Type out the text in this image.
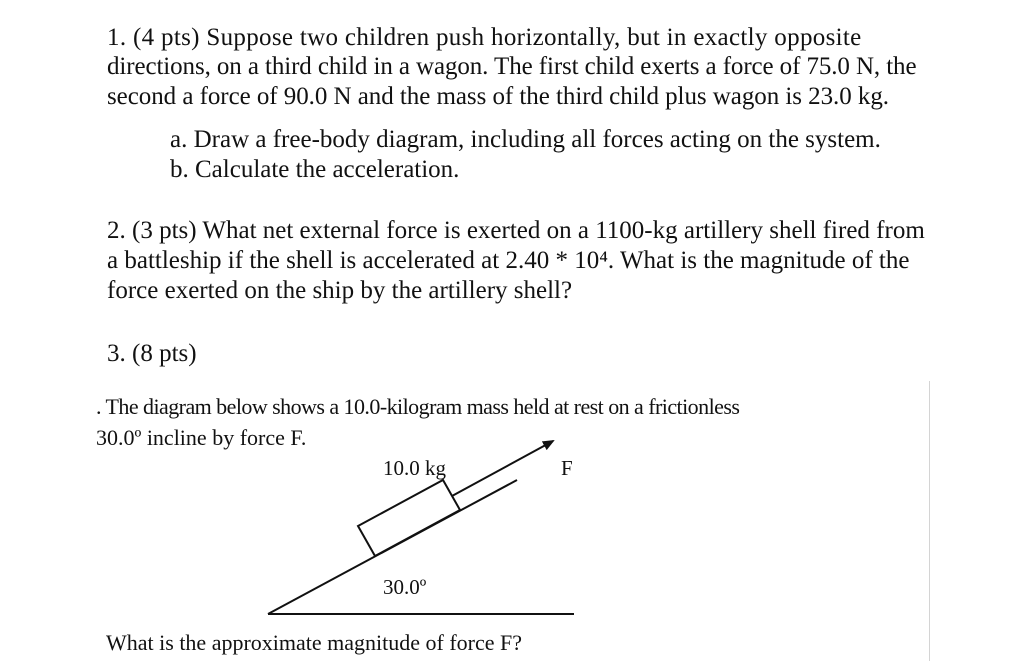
1. (4 pts) Suppose two children push horizontally, but in exactly opposite
directions, on a third child in a wagon. The first child exerts a force of 75.0 N, the
second a force of 90.0 N and the mass of the third child plus wagon is 23.0 kg.
a. Draw a free-body diagram, including all forces acting on the system.
b. Calculate the acceleration.
2. (3 pts) What net external force is exerted on a 1100-kg artillery shell fired from
a battleship if the shell is accelerated at 2.40 * 10⁴. What is the magnitude of the
force exerted on the ship by the artillery shell?
3. (8 pts)
. The diagram below shows a 10.0-kilogram mass held at rest on a frictionless
30.0º incline by force F.
10.0 kg	F
30.0º
What is the approximate magnitude of force F?
